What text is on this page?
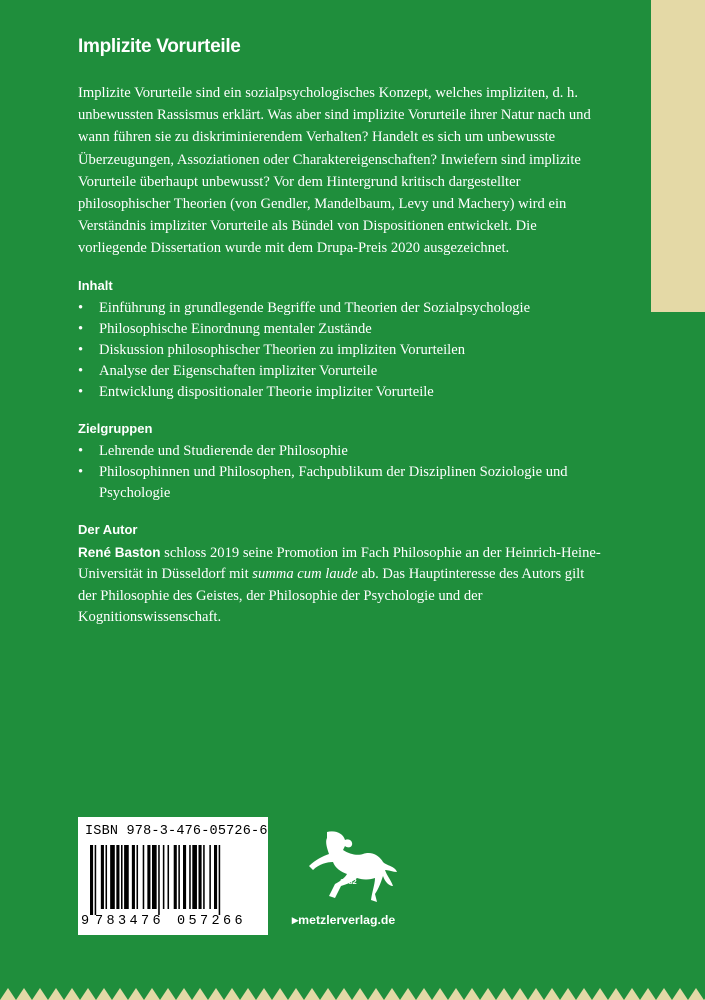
Implizite Vorurteile

Implizite Vorurteile sind ein sozialpsychologisches Konzept, welches impliziten, d. h. unbewussten Rassismus erklärt. Was aber sind implizite Vorurteile ihrer Natur nach und wann führen sie zu diskriminierendem Verhalten? Handelt es sich um unbewusste Überzeugungen, Assoziationen oder Charaktereigenschaften? Inwiefern sind implizite Vorurteile überhaupt unbewusst? Vor dem Hintergrund kritisch dargestellter philosophischer Theorien (von Gendler, Mandelbaum, Levy und Machery) wird ein Verständnis impliziter Vorurteile als Bündel von Dispositionen entwickelt. Die vorliegende Dissertation wurde mit dem Drupa-Preis 2020 ausgezeichnet.

Inhalt
• Einführung in grundlegende Begriffe und Theorien der Sozialpsychologie
• Philosophische Einordnung mentaler Zustände
• Diskussion philosophischer Theorien zu impliziten Vorurteilen
• Analyse der Eigenschaften impliziter Vorurteile
• Entwicklung dispositionaler Theorie impliziter Vorurteile
Zielgruppen
• Lehrende und Studierende der Philosophie
• Philosophinnen und Philosophen, Fachpublikum der Disziplinen Soziologie und Psychologie
Der Autor

René Baston schloss 2019 seine Promotion im Fach Philosophie an der Heinrich-Heine-Universität in Düsseldorf mit summa cum laude ab. Das Hauptinteresse des Autors gilt der Philosophie des Geistes, der Philosophie der Psychologie und der Kognitionswissenschaft.

ISBN 978-3-476-05726-6
9 783476 057266
1682
▸metzlerverlag.de
